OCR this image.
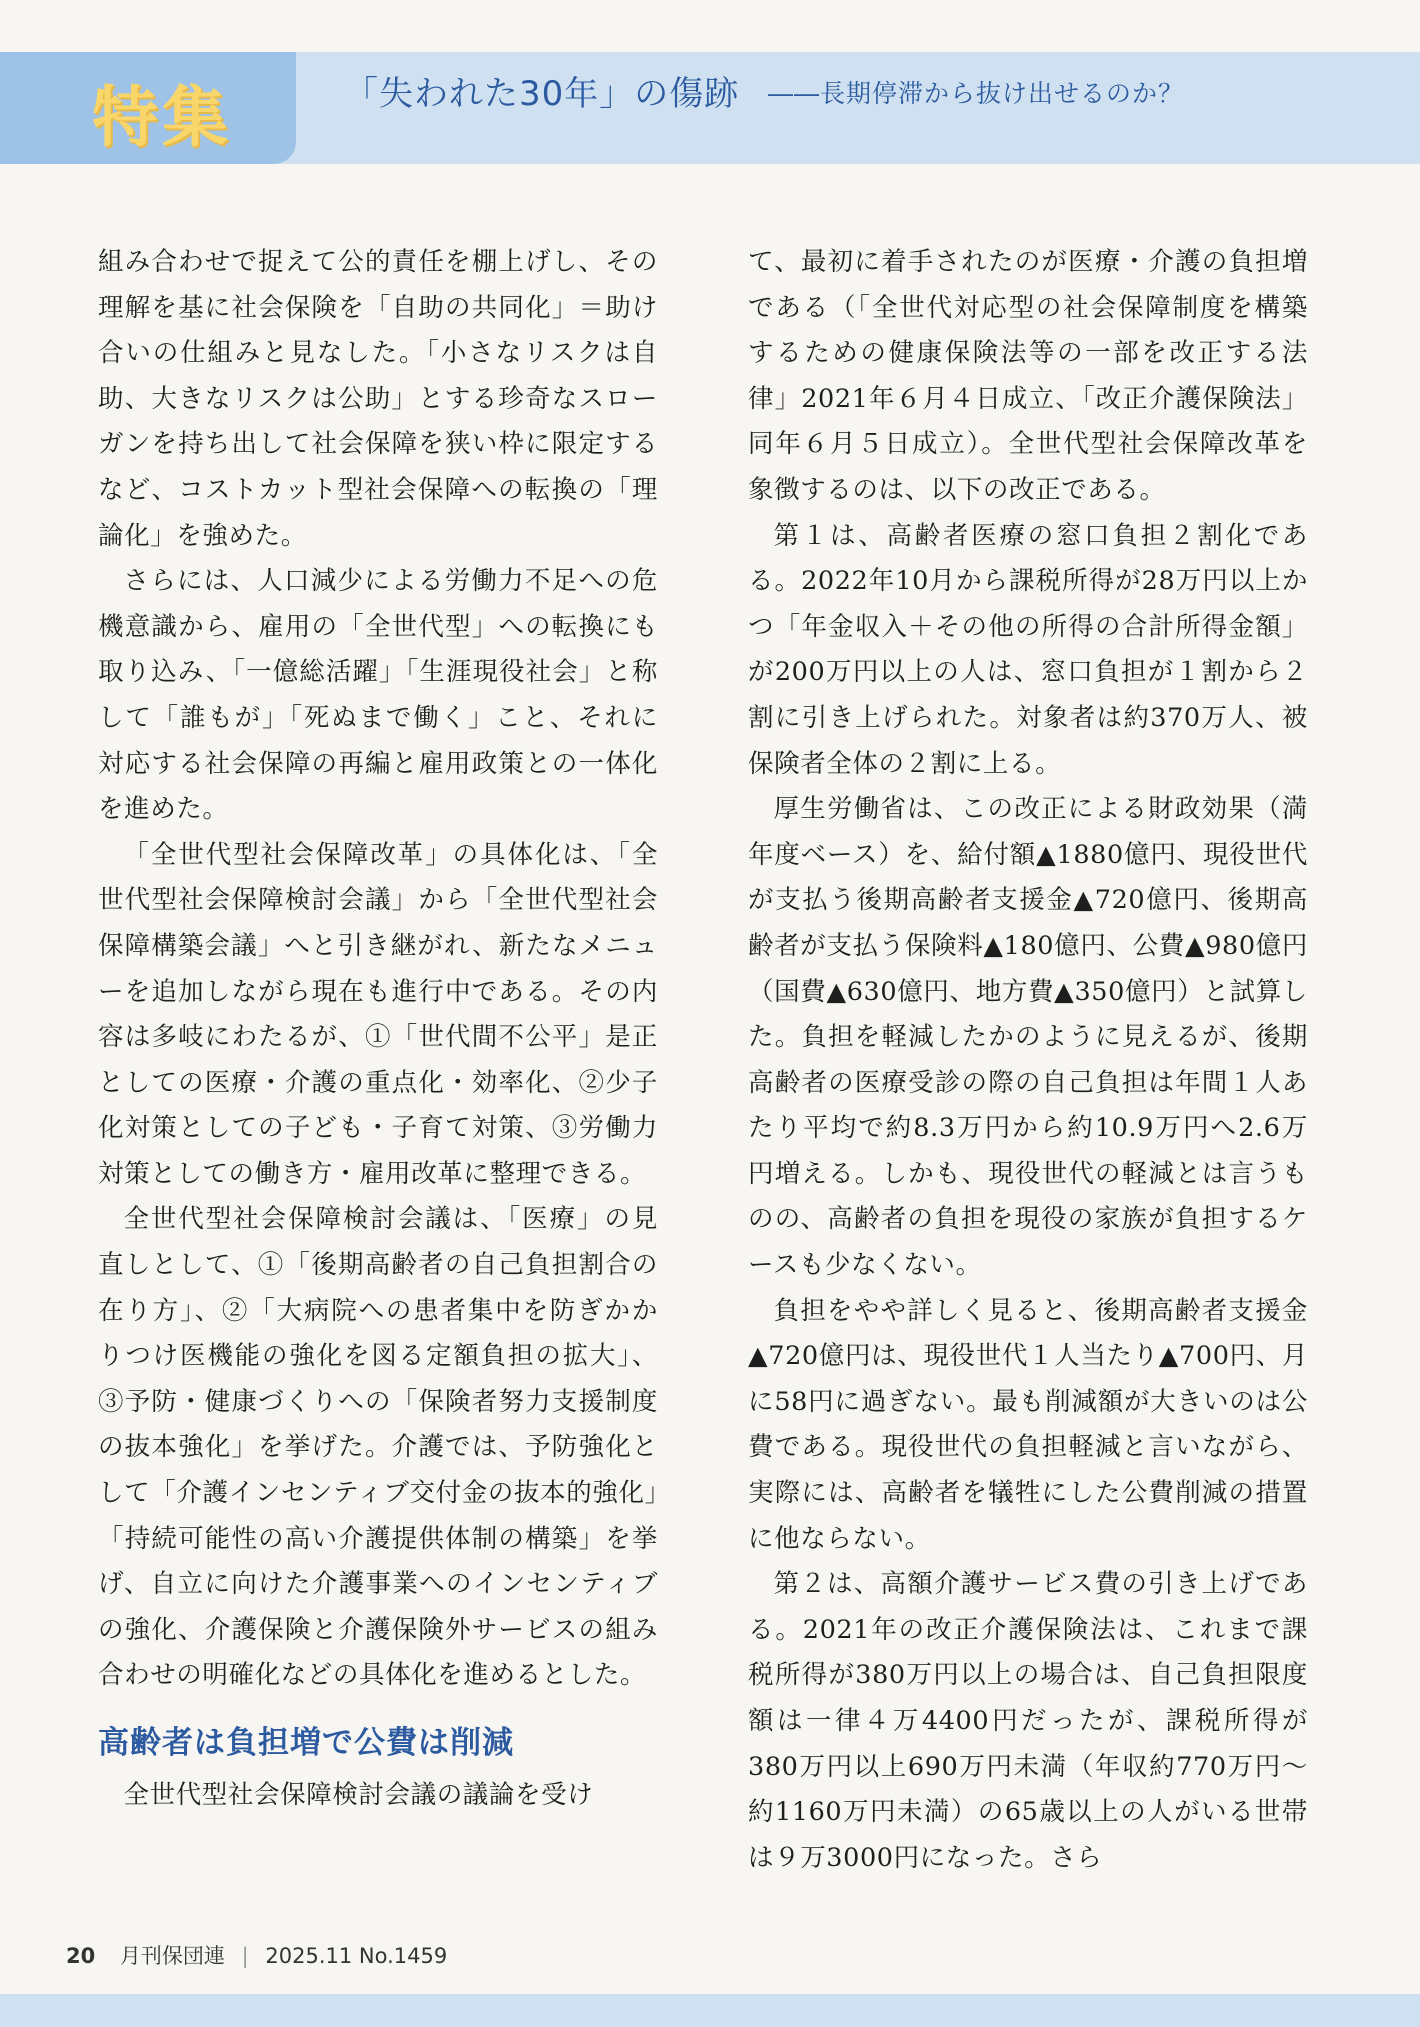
特集	「失われた30年」の傷跡 ――長期停滞から抜け出せるのか？

組み合わせで捉えて公的責任を棚上げし、その理解を基に社会保険を「自助の共同化」＝助け合いの仕組みと見なした。「小さなリスクは自助、大きなリスクは公助」とする珍奇なスローガンを持ち出して社会保障を狭い枠に限定するなど、コストカット型社会保障への転換の「理論化」を強めた。

さらには、人口減少による労働力不足への危機意識から、雇用の「全世代型」への転換にも取り込み、「一億総活躍」「生涯現役社会」と称して「誰もが」「死ぬまで働く」こと、それに対応する社会保障の再編と雇用政策との一体化を進めた。

「全世代型社会保障改革」の具体化は、「全世代型社会保障検討会議」から「全世代型社会保障構築会議」へと引き継がれ、新たなメニューを追加しながら現在も進行中である。その内容は多岐にわたるが、①「世代間不公平」是正としての医療・介護の重点化・効率化、②少子化対策としての子ども・子育て対策、③労働力対策としての働き方・雇用改革に整理できる。

全世代型社会保障検討会議は、「医療」の見直しとして、①「後期高齢者の自己負担割合の在り方」、②「大病院への患者集中を防ぎかかりつけ医機能の強化を図る定額負担の拡大」、③予防・健康づくりへの「保険者努力支援制度の抜本強化」を挙げた。介護では、予防強化として「介護インセンティブ交付金の抜本的強化」「持続可能性の高い介護提供体制の構築」を挙げ、自立に向けた介護事業へのインセンティブの強化、介護保険と介護保険外サービスの組み合わせの明確化などの具体化を進めるとした。

高齢者は負担増で公費は削減

全世代型社会保障検討会議の議論を受け

て、最初に着手されたのが医療・介護の負担増である（「全世代対応型の社会保障制度を構築するための健康保険法等の一部を改正する法律」2021年６月４日成立、「改正介護保険法」同年６月５日成立）。全世代型社会保障改革を象徴するのは、以下の改正である。

第１は、高齢者医療の窓口負担２割化である。2022年10月から課税所得が28万円以上かつ「年金収入＋その他の所得の合計所得金額」が200万円以上の人は、窓口負担が１割から２割に引き上げられた。対象者は約370万人、被保険者全体の２割に上る。

厚生労働省は、この改正による財政効果（満年度ベース）を、給付額▲1880億円、現役世代が支払う後期高齢者支援金▲720億円、後期高齢者が支払う保険料▲180億円、公費▲980億円（国費▲630億円、地方費▲350億円）と試算した。負担を軽減したかのように見えるが、後期高齢者の医療受診の際の自己負担は年間１人あたり平均で約8.3万円から約10.9万円へ2.6万円増える。しかも、現役世代の軽減とは言うものの、高齢者の負担を現役の家族が負担するケースも少なくない。

負担をやや詳しく見ると、後期高齢者支援金▲720億円は、現役世代１人当たり▲700円、月に58円に過ぎない。最も削減額が大きいのは公費である。現役世代の負担軽減と言いながら、実際には、高齢者を犠牲にした公費削減の措置に他ならない。

第２は、高額介護サービス費の引き上げである。2021年の改正介護保険法は、これまで課税所得が380万円以上の場合は、自己負担限度額は一律４万4400円だったが、課税所得が380万円以上690万円未満（年収約770万円～約1160万円未満）の65歳以上の人がいる世帯は９万3000円になった。さら

20 月刊保団連 | 2025.11 No.1459
